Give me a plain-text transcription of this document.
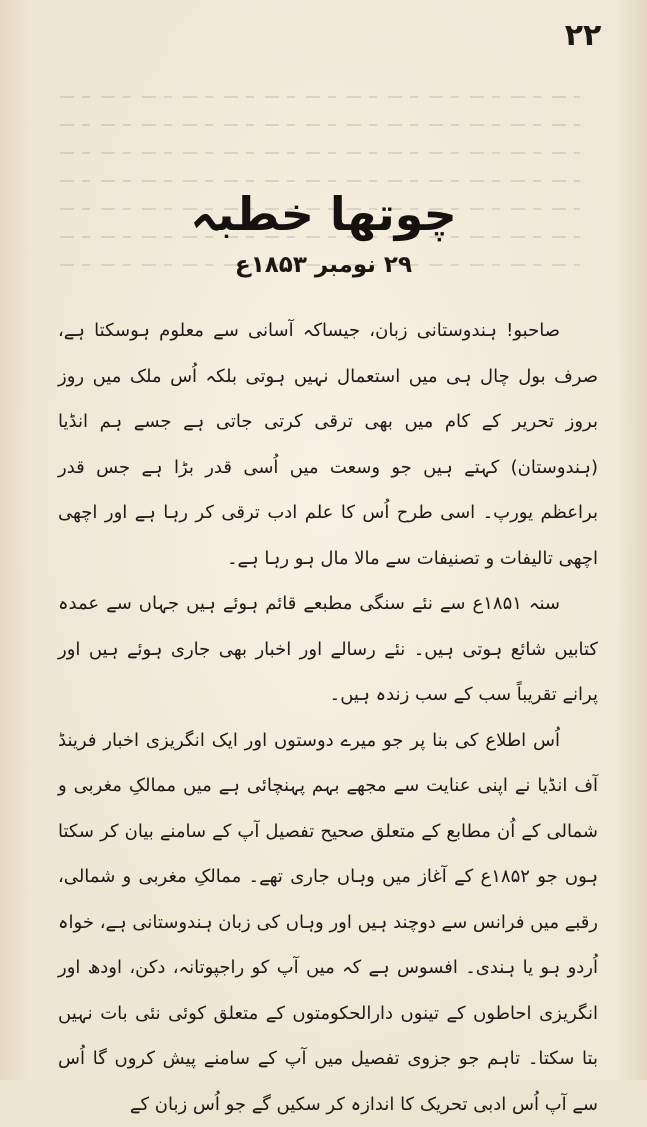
۲۲
چوتھا خطبہ
۲۹ نومبر ۱۸۵۳ع

صاحبو! ہندوستانی زبان، جیساکہ آسانی سے معلوم ہوسکتا ہے، صرف بول چال ہی میں استعمال نہیں ہوتی بلکہ اُس ملک میں روز بروز تحریر کے کام میں بھی ترقی کرتی جاتی ہے جسے ہم انڈیا (ہندوستان) کہتے ہیں جو وسعت میں اُسی قدر بڑا ہے جس قدر براعظم یورپ۔ اسی طرح اُس کا علم ادب ترقی کر رہا ہے اور اچھی اچھی تالیفات و تصنیفات سے مالا مال ہو رہا ہے۔

سنہ ۱۸۵۱ع سے نئے سنگی مطبعے قائم ہوئے ہیں جہاں سے عمدہ کتابیں شائع ہوتی ہیں۔ نئے رسالے اور اخبار بھی جاری ہوئے ہیں اور پرانے تقریباً سب کے سب زندہ ہیں۔

اُس اطلاع کی بنا پر جو میرے دوستوں اور ایک انگریزی اخبار فرینڈ آف انڈیا نے اپنی عنایت سے مجھے بہم پہنچائی ہے میں ممالکِ مغربی و شمالی کے اُن مطابع کے متعلق صحیح تفصیل آپ کے سامنے بیان کر سکتا ہوں جو ۱۸۵۲ع کے آغاز میں وہاں جاری تھے۔ ممالکِ مغربی و شمالی، رقبے میں فرانس سے دوچند ہیں اور وہاں کی زبان ہندوستانی ہے، خواہ اُردو ہو یا ہندی۔ افسوس ہے کہ میں آپ کو راجپوتانہ، دکن، اودھ اور انگریزی احاطوں کے تینوں دارالحکومتوں کے متعلق کوئی نئی بات نہیں بتا سکتا۔ تاہم جو جزوی تفصیل میں آپ کے سامنے پیش کروں گا اُس سے آپ اُس ادبی تحریک کا اندازہ کر سکیں گے جو اُس زبان کے
